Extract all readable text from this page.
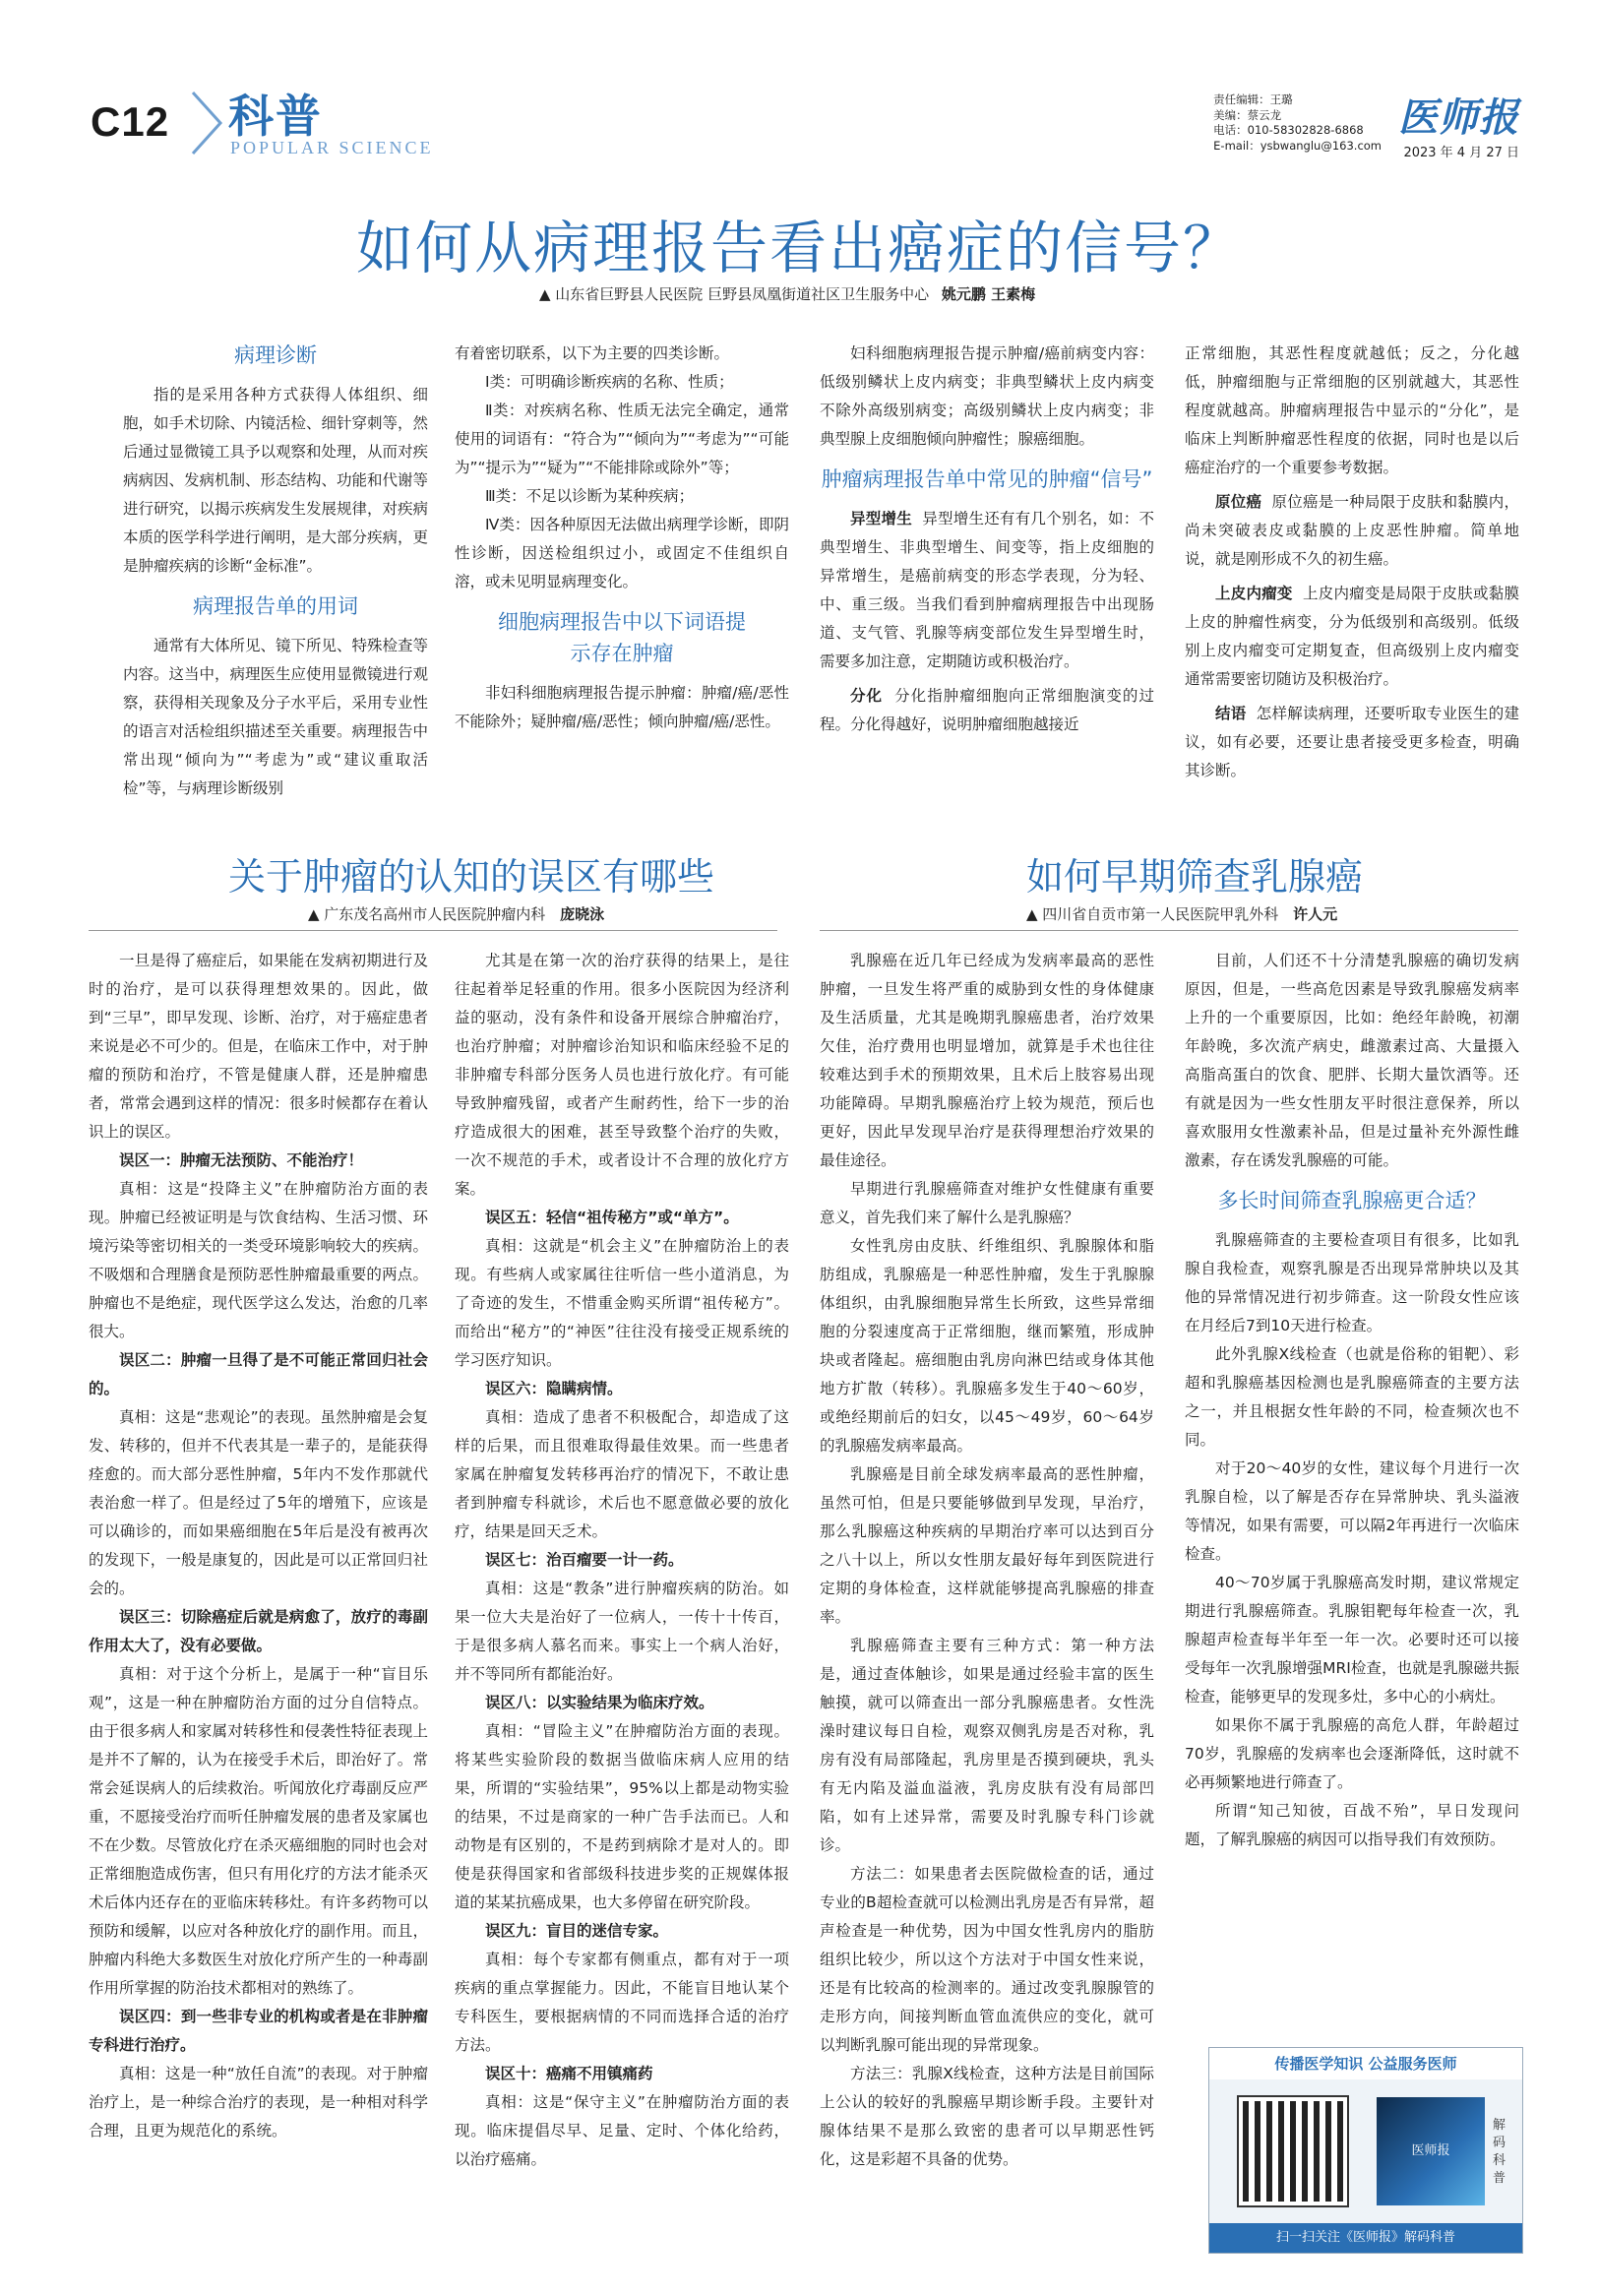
C12 科普
POPULAR SCIENCE
责任编辑：王璐
美编：蔡云龙
电话：010-58302828-6868
E-mail：ysbwanglu@163.com
医师报
2023 年 4 月 27 日
如何从病理报告看出癌症的信号？
▲ 山东省巨野县人民医院 巨野县凤凰街道社区卫生服务中心 姚元鹏 王素梅
病理诊断

指的是采用各种方式获得人体组织、细胞，如手术切除、内镜活检、细针穿刺等，然后通过显微镜工具予以观察和处理，从而对疾病病因、发病机制、形态结构、功能和代谢等进行研究，以揭示疾病发生发展规律，对疾病本质的医学科学进行阐明，是大部分疾病，更是肿瘤疾病的诊断“金标准”。

病理报告单的用词

通常有大体所见、镜下所见、特殊检查等内容。这当中，病理医生应使用显微镜进行观察，获得相关现象及分子水平后，采用专业性的语言对活检组织描述至关重要。病理报告中常出现“倾向为”“考虑为”或“建议重取活检”等，与病理诊断级别

有着密切联系，以下为主要的四类诊断。

Ⅰ类：可明确诊断疾病的名称、性质；

Ⅱ类：对疾病名称、性质无法完全确定，通常使用的词语有：“符合为”“倾向为”“考虑为”“可能为”“提示为”“疑为”“不能排除或除外”等；

Ⅲ类：不足以诊断为某种疾病；

Ⅳ类：因各种原因无法做出病理学诊断，即阴性诊断，因送检组织过小，或固定不佳组织自溶，或未见明显病理变化。

细胞病理报告中以下词语提示存在肿瘤

非妇科细胞病理报告提示肿瘤：肿瘤/癌/恶性不能除外；疑肿瘤/癌/恶性；倾向肿瘤/癌/恶性。

妇科细胞病理报告提示肿瘤/癌前病变内容：低级别鳞状上皮内病变；非典型鳞状上皮内病变不除外高级别病变；高级别鳞状上皮内病变；非典型腺上皮细胞倾向肿瘤性；腺癌细胞。

肿瘤病理报告单中常见的肿瘤“信号”

异型增生 异型增生还有有几个别名，如：不典型增生、非典型增生、间变等，指上皮细胞的异常增生，是癌前病变的形态学表现，分为轻、中、重三级。当我们看到肿瘤病理报告中出现肠道、支气管、乳腺等病变部位发生异型增生时，需要多加注意，定期随访或积极治疗。

分化 分化指肿瘤细胞向正常细胞演变的过程。分化得越好，说明肿瘤细胞越接近

正常细胞，其恶性程度就越低；反之，分化越低，肿瘤细胞与正常细胞的区别就越大，其恶性程度就越高。肿瘤病理报告中显示的“分化”，是临床上判断肿瘤恶性程度的依据，同时也是以后癌症治疗的一个重要参考数据。

原位癌 原位癌是一种局限于皮肤和黏膜内，尚未突破表皮或黏膜的上皮恶性肿瘤。简单地说，就是刚形成不久的初生癌。

上皮内瘤变 上皮内瘤变是局限于皮肤或黏膜上皮的肿瘤性病变，分为低级别和高级别。低级别上皮内瘤变可定期复查，但高级别上皮内瘤变通常需要密切随访及积极治疗。

结语 怎样解读病理，还要听取专业医生的建议，如有必要，还要让患者接受更多检查，明确其诊断。

关于肿瘤的认知的误区有哪些
▲ 广东茂名高州市人民医院肿瘤内科 庞晓泳

一旦是得了癌症后，如果能在发病初期进行及时的治疗，是可以获得理想效果的。因此，做到“三早”，即早发现、诊断、治疗，对于癌症患者来说是必不可少的。但是，在临床工作中，对于肿瘤的预防和治疗，不管是健康人群，还是肿瘤患者，常常会遇到这样的情况：很多时候都存在着认识上的误区。

误区一：肿瘤无法预防、不能治疗！

真相：这是“投降主义”在肿瘤防治方面的表现。肿瘤已经被证明是与饮食结构、生活习惯、环境污染等密切相关的一类受环境影响较大的疾病。不吸烟和合理膳食是预防恶性肿瘤最重要的两点。肿瘤也不是绝症，现代医学这么发达，治愈的几率很大。

误区二：肿瘤一旦得了是不可能正常回归社会的。

真相：这是“悲观论”的表现。虽然肿瘤是会复发、转移的，但并不代表其是一辈子的，是能获得痊愈的。而大部分恶性肿瘤，5年内不发作那就代表治愈一样了。但是经过了5年的增殖下，应该是可以确诊的，而如果癌细胞在5年后是没有被再次的发现下，一般是康复的，因此是可以正常回归社会的。

误区三：切除癌症后就是病愈了，放疗的毒副作用太大了，没有必要做。

真相：对于这个分析上，是属于一种“盲目乐观”，这是一种在肿瘤防治方面的过分自信特点。由于很多病人和家属对转移性和侵袭性特征表现上是并不了解的，认为在接受手术后，即治好了。常常会延误病人的后续救治。听闻放化疗毒副反应严重，不愿接受治疗而听任肿瘤发展的患者及家属也不在少数。尽管放化疗在杀灭癌细胞的同时也会对正常细胞造成伤害，但只有用化疗的方法才能杀灭术后体内还存在的亚临床转移灶。有许多药物可以预防和缓解，以应对各种放化疗的副作用。而且，肿瘤内科绝大多数医生对放化疗所产生的一种毒副作用所掌握的防治技术都相对的熟练了。

误区四：到一些非专业的机构或者是在非肿瘤专科进行治疗。

真相：这是一种“放任自流”的表现。对于肿瘤治疗上，是一种综合治疗的表现，是一种相对科学合理，且更为规范化的系统。

尤其是在第一次的治疗获得的结果上，是往往起着举足轻重的作用。很多小医院因为经济利益的驱动，没有条件和设备开展综合肿瘤治疗，也治疗肿瘤；对肿瘤诊治知识和临床经验不足的非肿瘤专科部分医务人员也进行放化疗。有可能导致肿瘤残留，或者产生耐药性，给下一步的治疗造成很大的困难，甚至导致整个治疗的失败，一次不规范的手术，或者设计不合理的放化疗方案。

误区五：轻信“祖传秘方”或“单方”。

真相：这就是“机会主义”在肿瘤防治上的表现。有些病人或家属往往听信一些小道消息，为了奇迹的发生，不惜重金购买所谓“祖传秘方”。而给出“秘方”的“神医”往往没有接受正规系统的学习医疗知识。

误区六：隐瞒病情。

真相：造成了患者不积极配合，却造成了这样的后果，而且很难取得最佳效果。而一些患者家属在肿瘤复发转移再治疗的情况下，不敢让患者到肿瘤专科就诊，术后也不愿意做必要的放化疗，结果是回天乏术。

误区七：治百瘤要一计一药。

真相：这是“教条”进行肿瘤疾病的防治。如果一位大夫是治好了一位病人，一传十十传百，于是很多病人慕名而来。事实上一个病人治好，并不等同所有都能治好。

误区八：以实验结果为临床疗效。

真相：“冒险主义”在肿瘤防治方面的表现。将某些实验阶段的数据当做临床病人应用的结果，所谓的“实验结果”，95%以上都是动物实验的结果，不过是商家的一种广告手法而已。人和动物是有区别的，不是药到病除才是对人的。即使是获得国家和省部级科技进步奖的正规媒体报道的某某抗癌成果，也大多停留在研究阶段。

误区九：盲目的迷信专家。

真相：每个专家都有侧重点，都有对于一项疾病的重点掌握能力。因此，不能盲目地认某个专科医生，要根据病情的不同而选择合适的治疗方法。

误区十：癌痛不用镇痛药

真相：这是“保守主义”在肿瘤防治方面的表现。临床提倡尽早、足量、定时、个体化给药，以治疗癌痛。

如何早期筛查乳腺癌
▲ 四川省自贡市第一人民医院甲乳外科 许人元

乳腺癌在近几年已经成为发病率最高的恶性肿瘤，一旦发生将严重的威胁到女性的身体健康及生活质量，尤其是晚期乳腺癌患者，治疗效果欠佳，治疗费用也明显增加，就算是手术也往往较难达到手术的预期效果，且术后上肢容易出现功能障碍。早期乳腺癌治疗上较为规范，预后也更好，因此早发现早治疗是获得理想治疗效果的最佳途径。

早期进行乳腺癌筛查对维护女性健康有重要意义，首先我们来了解什么是乳腺癌？

女性乳房由皮肤、纤维组织、乳腺腺体和脂肪组成，乳腺癌是一种恶性肿瘤，发生于乳腺腺体组织，由乳腺细胞异常生长所致，这些异常细胞的分裂速度高于正常细胞，继而繁殖，形成肿块或者隆起。癌细胞由乳房向淋巴结或身体其他地方扩散（转移）。乳腺癌多发生于40～60岁，或绝经期前后的妇女，以45～49岁，60～64岁的乳腺癌发病率最高。

乳腺癌是目前全球发病率最高的恶性肿瘤，虽然可怕，但是只要能够做到早发现，早治疗，那么乳腺癌这种疾病的早期治疗率可以达到百分之八十以上，所以女性朋友最好每年到医院进行定期的身体检查，这样就能够提高乳腺癌的排查率。

乳腺癌筛查主要有三种方式：第一种方法是，通过查体触诊，如果是通过经验丰富的医生触摸，就可以筛查出一部分乳腺癌患者。女性洗澡时建议每日自检，观察双侧乳房是否对称，乳房有没有局部隆起，乳房里是否摸到硬块，乳头有无内陷及溢血溢液，乳房皮肤有没有局部凹陷，如有上述异常，需要及时乳腺专科门诊就诊。

方法二：如果患者去医院做检查的话，通过专业的B超检查就可以检测出乳房是否有异常，超声检查是一种优势，因为中国女性乳房内的脂肪组织比较少，所以这个方法对于中国女性来说，还是有比较高的检测率的。通过改变乳腺腺管的走形方向，间接判断血管血流供应的变化，就可以判断乳腺可能出现的异常现象。

方法三：乳腺X线检查，这种方法是目前国际上公认的较好的乳腺癌早期诊断手段。主要针对腺体结果不是那么致密的患者可以早期恶性钙化，这是彩超不具备的优势。

目前，人们还不十分清楚乳腺癌的确切发病原因，但是，一些高危因素是导致乳腺癌发病率上升的一个重要原因，比如：绝经年龄晚，初潮年龄晚，多次流产病史，雌激素过高、大量摄入高脂高蛋白的饮食、肥胖、长期大量饮酒等。还有就是因为一些女性朋友平时很注意保养，所以喜欢服用女性激素补品，但是过量补充外源性雌激素，存在诱发乳腺癌的可能。

多长时间筛查乳腺癌更合适？

乳腺癌筛查的主要检查项目有很多，比如乳腺自我检查，观察乳腺是否出现异常肿块以及其他的异常情况进行初步筛查。这一阶段女性应该在月经后7到10天进行检查。

此外乳腺X线检查（也就是俗称的钼靶）、彩超和乳腺癌基因检测也是乳腺癌筛查的主要方法之一，并且根据女性年龄的不同，检查频次也不同。

对于20～40岁的女性，建议每个月进行一次乳腺自检，以了解是否存在异常肿块、乳头溢液等情况，如果有需要，可以隔2年再进行一次临床检查。

40～70岁属于乳腺癌高发时期，建议常规定期进行乳腺癌筛查。乳腺钼靶每年检查一次，乳腺超声检查每半年至一年一次。必要时还可以接受每年一次乳腺增强MRI检查，也就是乳腺磁共振检查，能够更早的发现多灶，多中心的小病灶。

如果你不属于乳腺癌的高危人群，年龄超过70岁，乳腺癌的发病率也会逐渐降低，这时就不必再频繁地进行筛查了。

所谓“知己知彼，百战不殆”，早日发现问题，了解乳腺癌的病因可以指导我们有效预防。

传播医学知识 公益服务医师
医师报
解码科普
扫一扫关注《医师报》解码科普
